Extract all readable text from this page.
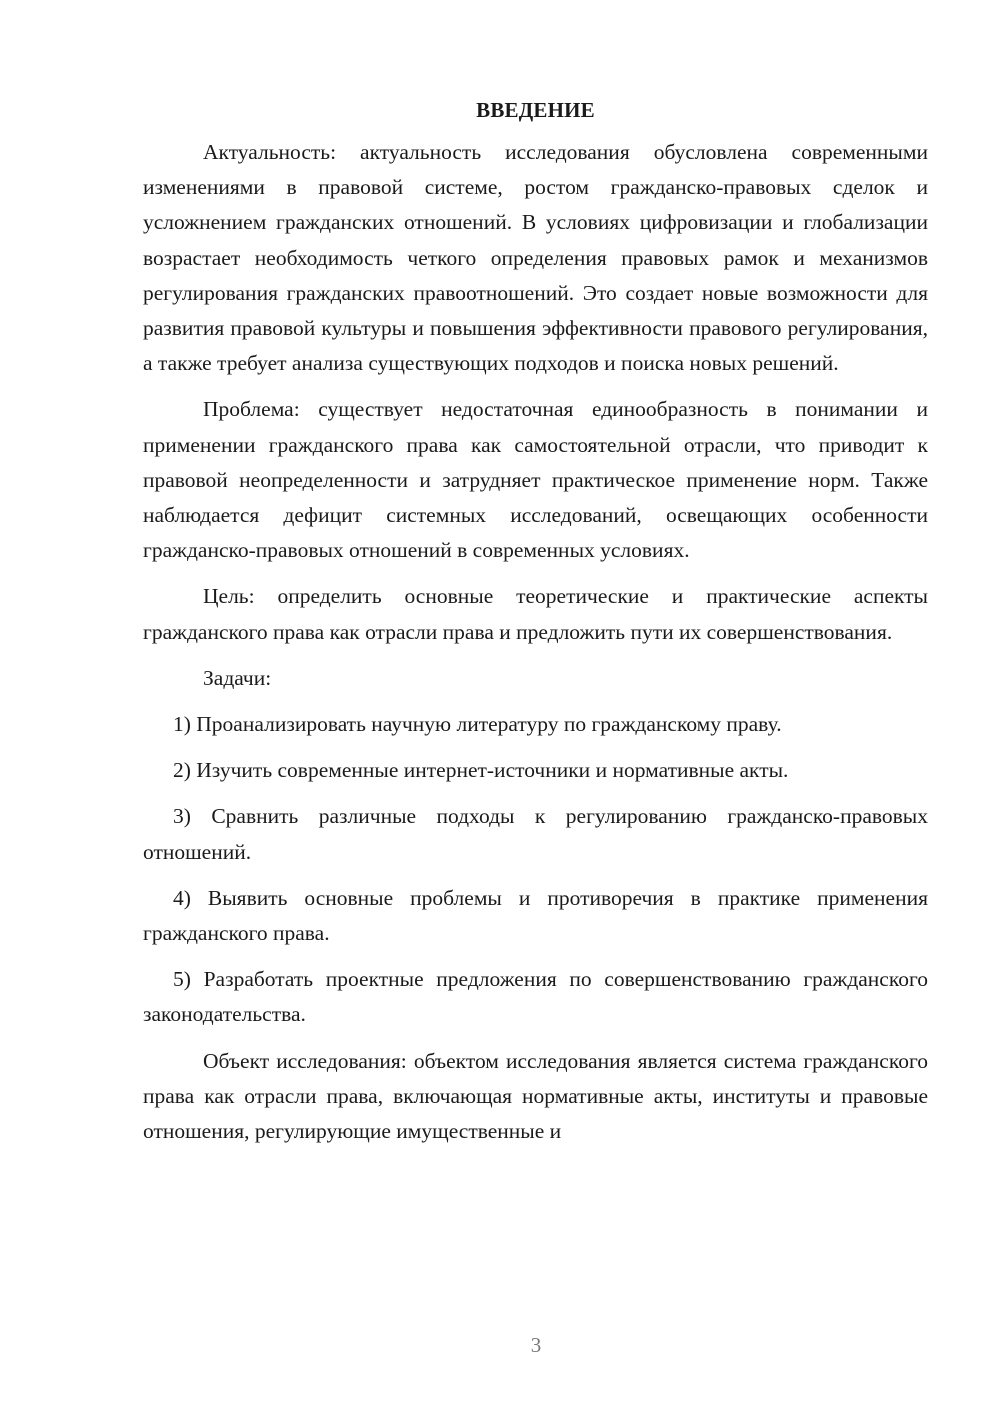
ВВЕДЕНИЕ

Актуальность: актуальность исследования обусловлена современными изменениями в правовой системе, ростом гражданско-правовых сделок и усложнением гражданских отношений. В условиях цифровизации и глобализации возрастает необходимость четкого определения правовых рамок и механизмов регулирования гражданских правоотношений. Это создает новые возможности для развития правовой культуры и повышения эффективности правового регулирования, а также требует анализа существующих подходов и поиска новых решений.

Проблема: существует недостаточная единообразность в понимании и применении гражданского права как самостоятельной отрасли, что приводит к правовой неопределенности и затрудняет практическое применение норм. Также наблюдается дефицит системных исследований, освещающих особенности гражданско-правовых отношений в современных условиях.

Цель: определить основные теоретические и практические аспекты гражданского права как отрасли права и предложить пути их совершенствования.

Задачи:

1) Проанализировать научную литературу по гражданскому праву.

2) Изучить современные интернет-источники и нормативные акты.

3) Сравнить различные подходы к регулированию гражданско-правовых отношений.

4) Выявить основные проблемы и противоречия в практике применения гражданского права.

5) Разработать проектные предложения по совершенствованию гражданского законодательства.

Объект исследования: объектом исследования является система гражданского права как отрасли права, включающая нормативные акты, институты и правовые отношения, регулирующие имущественные и

3
